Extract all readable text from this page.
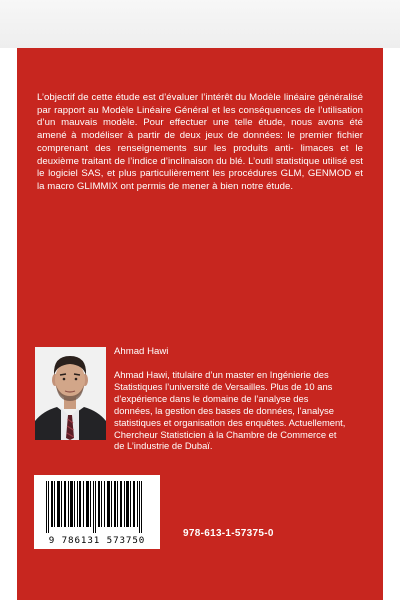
L’objectif de cette étude est d’évaluer l’intérêt du Modèle linéaire généralisé par rapport au Modèle Linéaire Général et les conséquences de l’utilisation d’un mauvais modèle. Pour effectuer une telle étude, nous avons été amené à modéliser à partir de deux jeux de données: le premier fichier comprenant des renseignements sur les produits anti- limaces et le deuxième traitant de l’indice d’inclinaison du blé. L’outil statistique utilisé est le logiciel SAS, et plus particulièrement les procédures GLM, GENMOD et la macro GLIMMIX ont permis de mener à bien notre étude.

Ahmad Hawi

Ahmad Hawi, titulaire d’un master en Ingénierie des Statistiques l’université de Versailles. Plus de 10 ans d’expérience dans le domaine de l’analyse des données, la gestion des bases de données, l’analyse statistiques et organisation des enquêtes. Actuellement, Chercheur Statisticien à la Chambre de Commerce et de L’industrie de Dubaï.

9 786131 573750

978-613-1-57375-0
